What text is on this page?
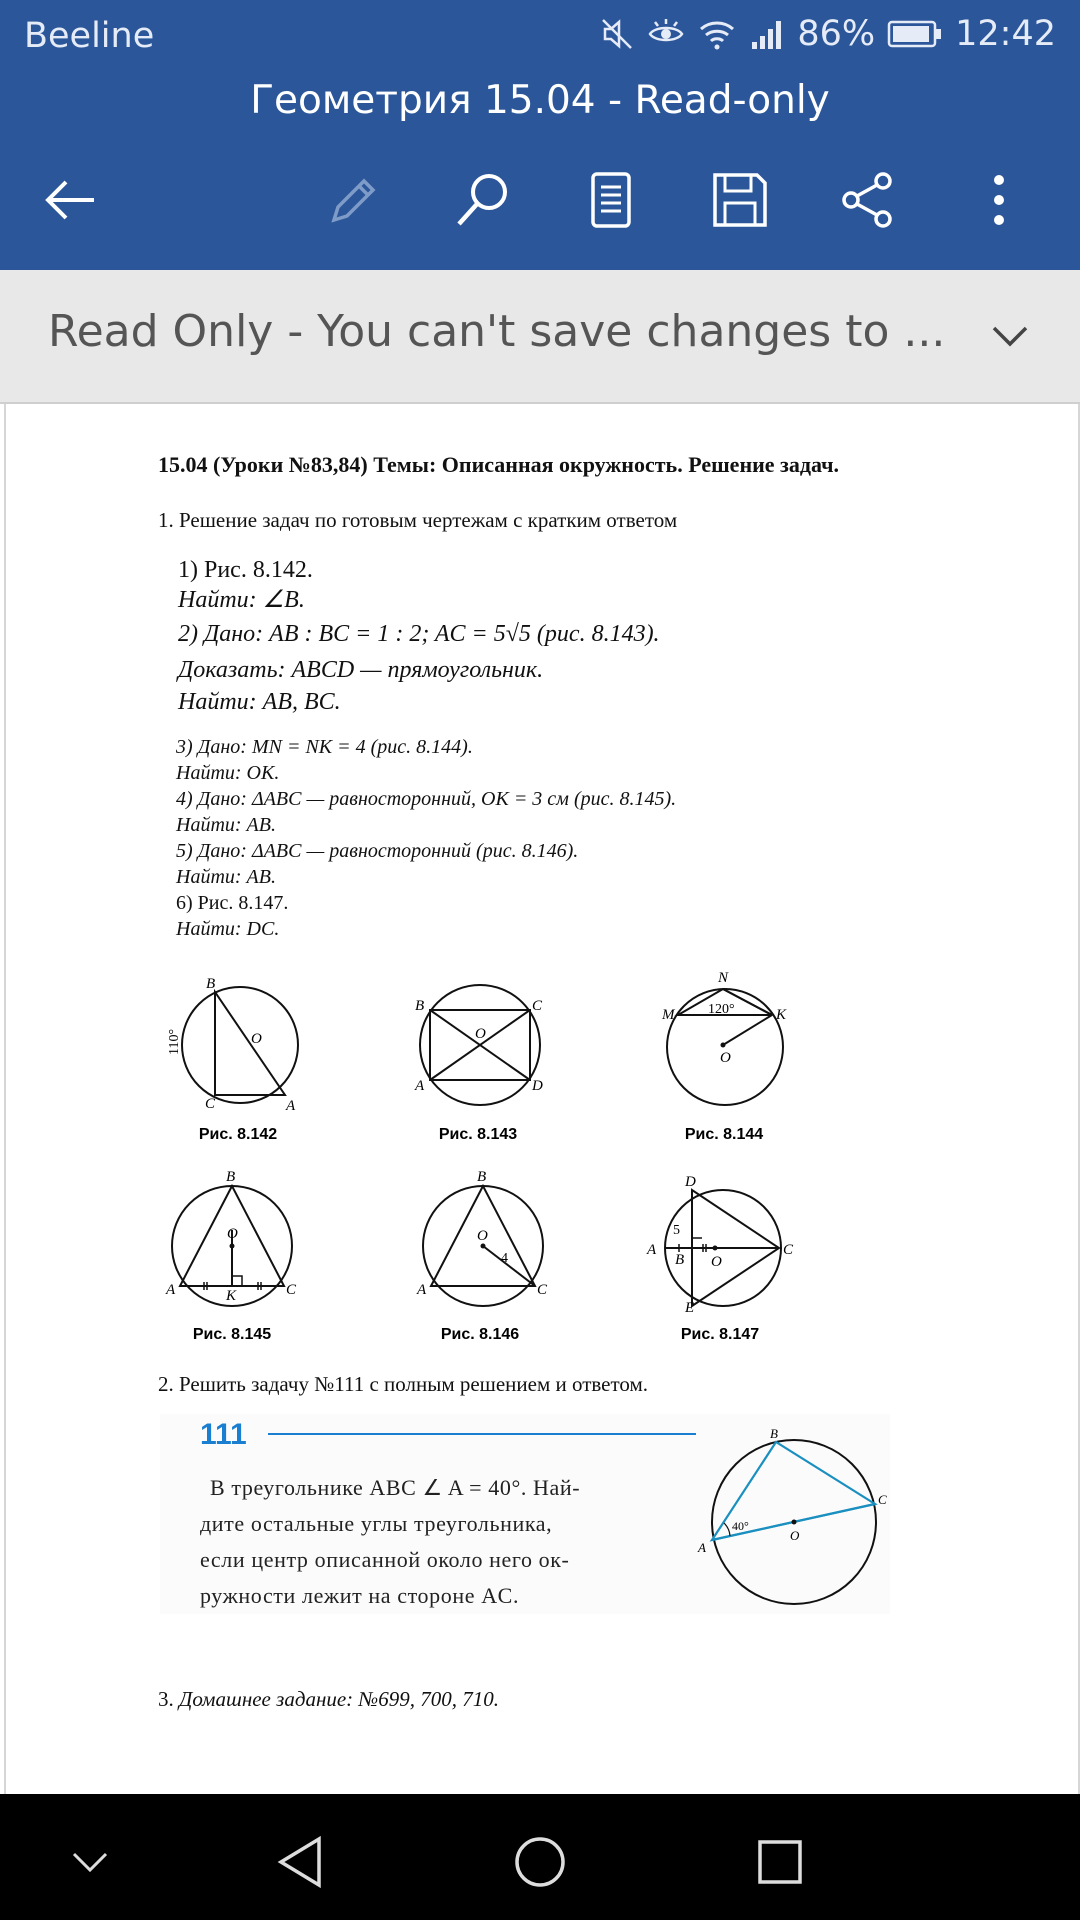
Beeline	86% 12:42
Геометрия 15.04 - Read-only
Read Only - You can't save changes to ...
15.04 (Уроки №83,84) Темы: Описанная окружность. Решение задач.
1. Решение задач по готовым чертежам с кратким ответом
1) Рис. 8.142.
Найти: ∠B.
2) Дано: AB : BC = 1 : 2; AC = 5√5 (рис. 8.143).
Доказать: ABCD — прямоугольник.
Найти: AB, BC.
3) Дано: MN = NK = 4 (рис. 8.144).
Найти: OK.
4) Дано: ΔABC — равносторонний, OK = 3 см (рис. 8.145).
Найти: AB.
5) Дано: ΔABC — равносторонний (рис. 8.146).
Найти: AB.
6) Рис. 8.147.
Найти: DC.
B
C	A
O
110°
Рис. 8.142
B	C
A	D
O
Рис. 8.143
M	K
N
120°
O
Рис. 8.144
B
A	C
K
O
Рис. 8.145
B
A	C
O
4
Рис. 8.146
D
E
A	C
B O
5
Рис. 8.147
2. Решить задачу №111 с полным решением и ответом.
111
В треугольнике ABC ∠ A = 40°. Най-
дите остальные углы треугольника,
если центр описанной около него ок-
ружности лежит на стороне AC.
B
C
A
O
40°
3. Домашнее задание: №699, 700, 710.
